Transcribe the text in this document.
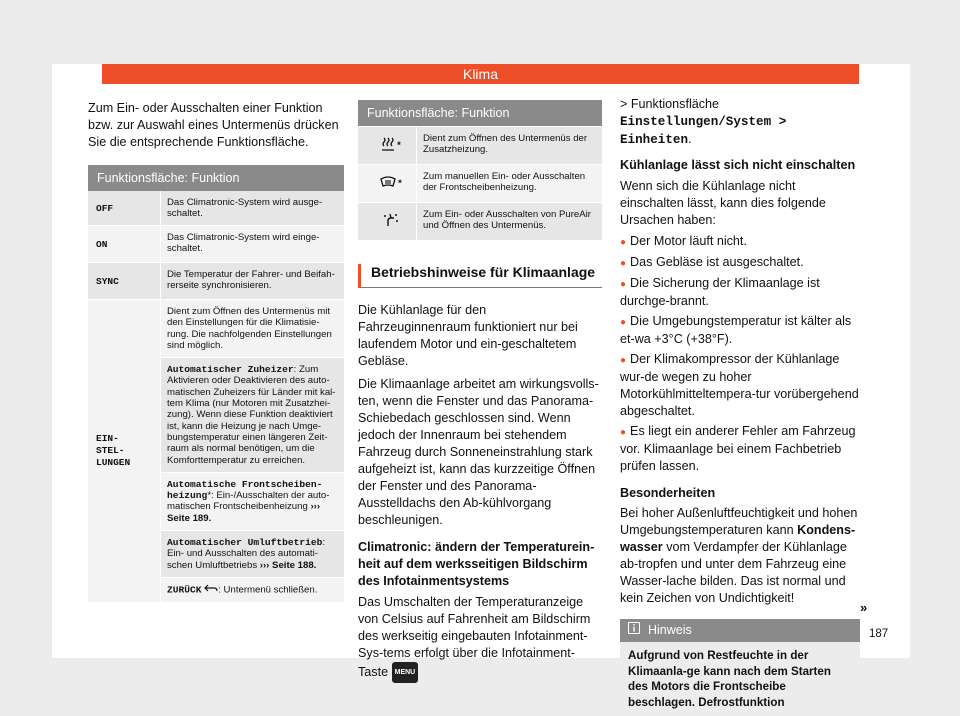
Klima

Zum Ein- oder Ausschalten einer Funktion bzw. zur Auswahl eines Untermenüs drücken Sie die entsprechende Funktionsfläche.

Funktionsfläche: Funktion
OFF	Das Climatronic-System wird ausge-schaltet.
ON
Das Climatronic-System wird einge-schaltet.
SYNC
Die Temperatur der Fahrer- und Beifah-rerseite synchronisieren.
EIN-
STEL-
LUNGEN
Dient zum Öffnen des Untermenüs mit den Einstellungen für die Klimatisie-rung. Die nachfolgenden Einstellungen sind möglich.
Automatischer Zuheizer: Zum Aktivieren oder Deaktivieren des auto-matischen Zuheizers für Länder mit kal-tem Klima (nur Motoren mit Zusatzhei-zung). Wenn diese Funktion deaktiviert ist, kann die Heizung je nach Umge-bungstemperatur einen längeren Zeit-raum als normal benötigen, um die Komforttemperatur zu erreichen.
Automatische Frontscheiben-heizung*: Ein-/Ausschalten der auto-matischen Frontscheibenheizung ››› Seite 189.
Automatischer Umluftbetrieb: Ein- und Ausschalten des automati-schen Umluftbetriebs ››› Seite 188.
ZURÜCK : Untermenü schließen.
Funktionsfläche: Funktion
*
Dient zum Öffnen des Untermenüs der Zusatzheizung.
*
Zum manuellen Ein- oder Ausschalten der Frontscheibenheizung.
Zum Ein- oder Ausschalten von PureAir und Öffnen des Untermenüs.
Betriebshinweise für Klimaanlage

Die Kühlanlage für den Fahrzeuginnenraum funktioniert nur bei laufendem Motor und ein-geschaltetem Gebläse.

Die Klimaanlage arbeitet am wirkungsvolls-ten, wenn die Fenster und das Panorama-Schiebedach geschlossen sind. Wenn jedoch der Innenraum bei stehendem Fahrzeug durch Sonneneinstrahlung stark aufgeheizt ist, kann das kurzzeitige Öffnen der Fenster und des Panorama-Ausstelldachs den Ab-kühlvorgang beschleunigen.

Climatronic: ändern der Temperaturein-heit auf dem werksseitigen Bildschirm des Infotainmentsystems

Das Umschalten der Temperaturanzeige von Celsius auf Fahrenheit am Bildschirm des werkseitig eingebauten Infotainment-Sys-tems erfolgt über die Infotainment-Taste MENU

> Funktionsfläche Einstellungen/System > Einheiten.

Kühlanlage lässt sich nicht einschalten

Wenn sich die Kühlanlage nicht einschalten lässt, kann dies folgende Ursachen haben:

● Der Motor läuft nicht.
● Das Gebläse ist ausgeschaltet.
● Die Sicherung der Klimaanlage ist durchge-brannt.
● Die Umgebungstemperatur ist kälter als et-wa +3°C (+38°F).
● Der Klimakompressor der Kühlanlage wur-de wegen zu hoher Motorkühlmitteltempera-tur vorübergehend abgeschaltet.
● Es liegt ein anderer Fehler am Fahrzeug vor. Klimaanlage bei einem Fachbetrieb prüfen lassen.

Besonderheiten

Bei hoher Außenluftfeuchtigkeit und hohen Umgebungstemperaturen kann Kondens-wasser vom Verdampfer der Kühlanlage ab-tropfen und unter dem Fahrzeug eine Wasser-lache bilden. Das ist normal und kein Zeichen von Undichtigkeit!

Hinweis
Aufgrund von Restfeuchte in der Klimaanla-ge kann nach dem Starten des Motors die Frontscheibe beschlagen. Defrostfunktion
»
187
